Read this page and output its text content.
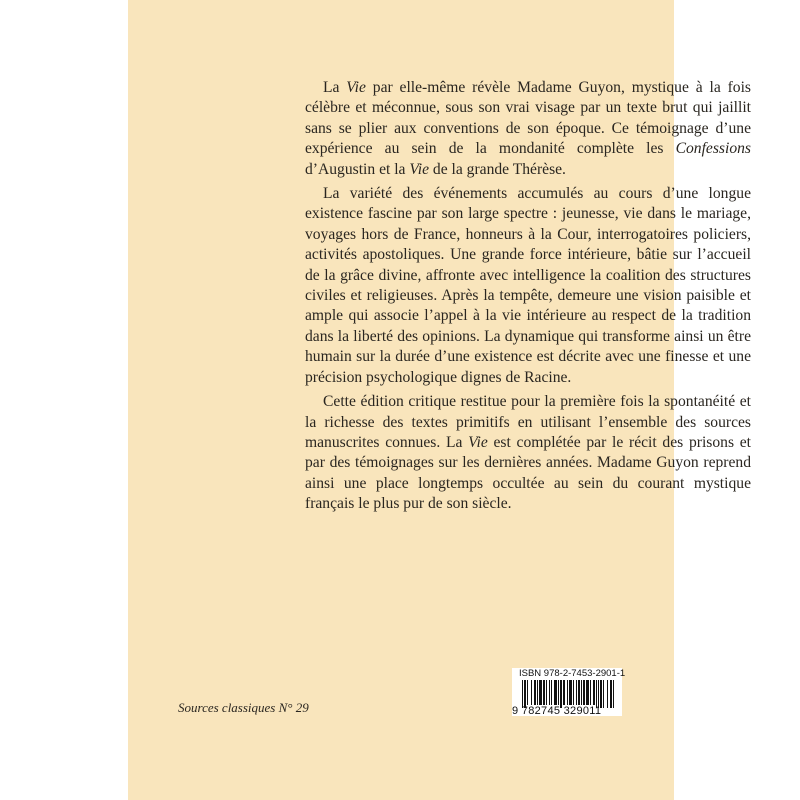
La Vie par elle-même révèle Madame Guyon, mystique à la fois célèbre et méconnue, sous son vrai visage par un texte brut qui jaillit sans se plier aux conventions de son époque. Ce témoignage d’une expérience au sein de la mondanité complète les Confessions d’Augustin et la Vie de la grande Thérèse.

La variété des événements accumulés au cours d’une longue existence fascine par son large spectre : jeunesse, vie dans le mariage, voyages hors de France, honneurs à la Cour, interrogatoires policiers, activités apostoliques. Une grande force intérieure, bâtie sur l’accueil de la grâce divine, affronte avec intelligence la coalition des structures civiles et religieuses. Après la tempête, demeure une vision paisible et ample qui associe l’appel à la vie intérieure au respect de la tradition dans la liberté des opinions. La dynamique qui transforme ainsi un être humain sur la durée d’une existence est décrite avec une finesse et une précision psychologique dignes de Racine.

Cette édition critique restitue pour la première fois la spontanéité et la richesse des textes primitifs en utilisant l’ensemble des sources manuscrites connues. La Vie est complétée par le récit des prisons et par des témoignages sur les dernières années. Madame Guyon reprend ainsi une place longtemps occultée au sein du courant mystique français le plus pur de son siècle.

Sources classiques N° 29	9 782745 329011
ISBN 978-2-7453-2901-1
